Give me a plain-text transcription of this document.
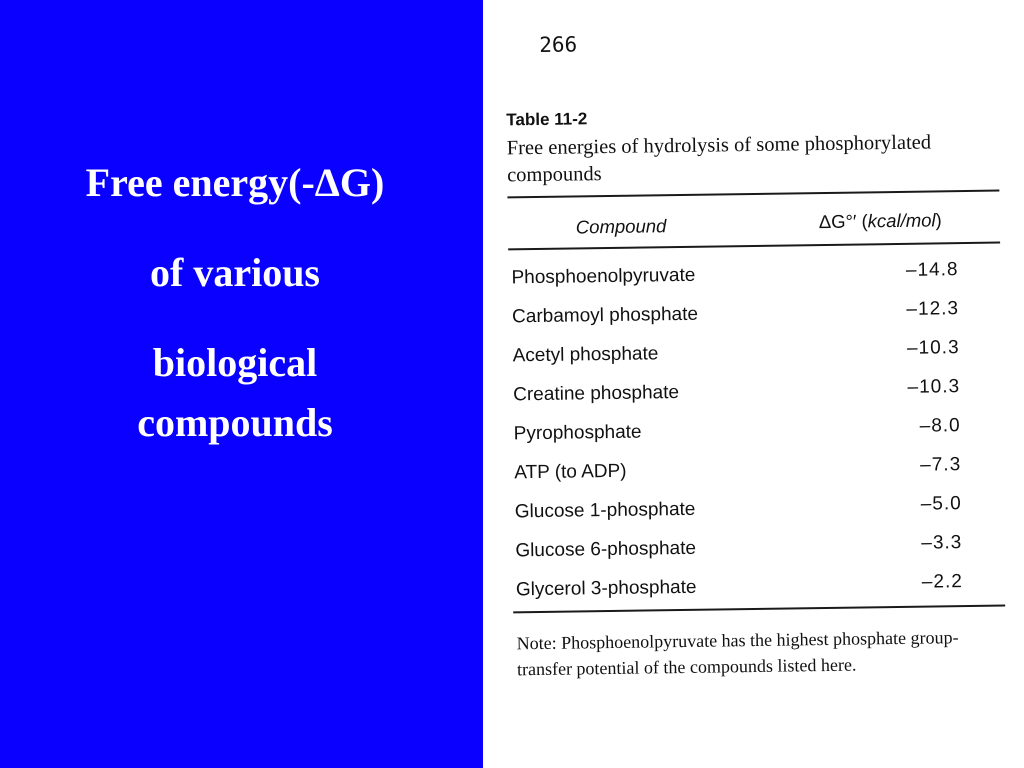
Free energy(-ΔG)
of various
biological
compounds
266
Table 11-2
Free energies of hydrolysis of some phosphorylated compounds
Compound	ΔG°′ (kcal/mol)
Phosphoenolpyruvate	–14.8
Carbamoyl phosphate	–12.3
Acetyl phosphate	–10.3
Creatine phosphate	–10.3
Pyrophosphate	–8.0
ATP (to ADP)	–7.3
Glucose 1-phosphate	–5.0
Glucose 6-phosphate	–3.3
Glycerol 3-phosphate	–2.2
Note: Phosphoenolpyruvate has the highest phosphate group-transfer potential of the compounds listed here.
